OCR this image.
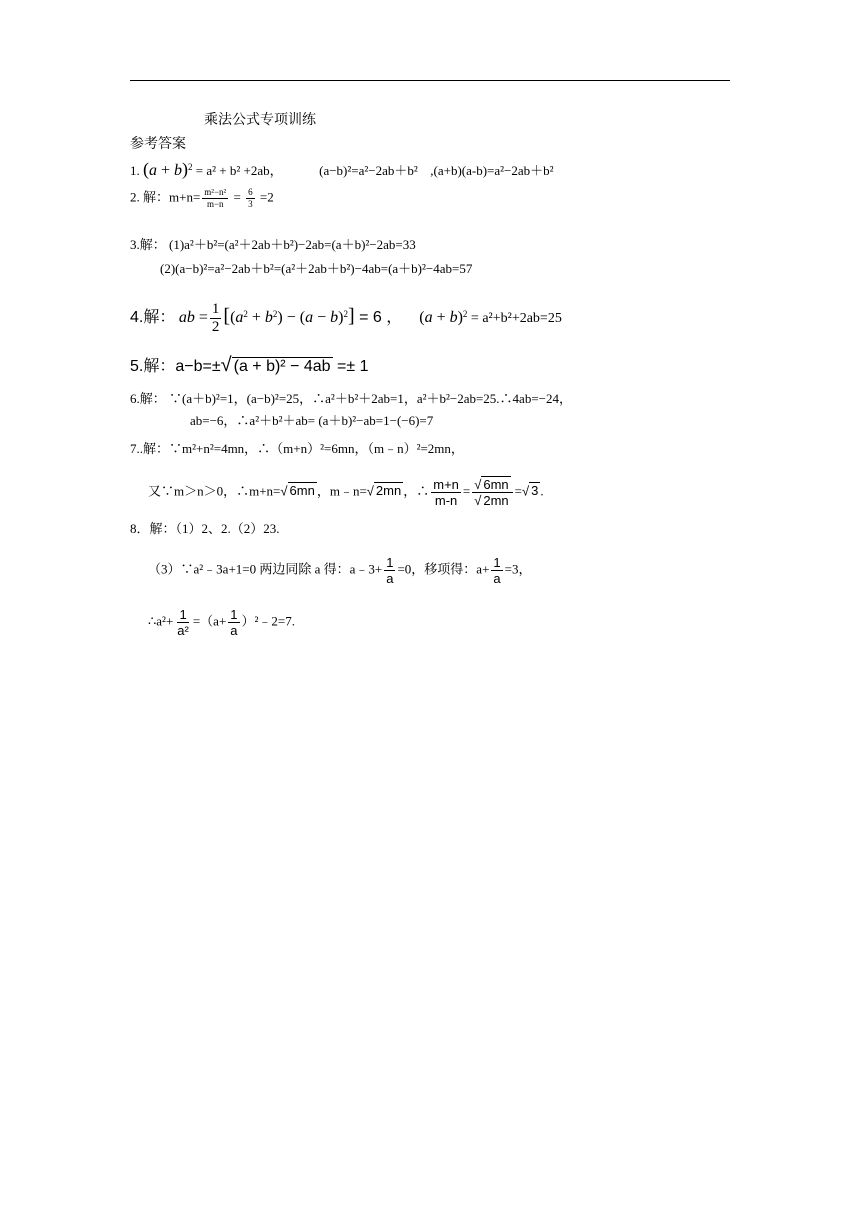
乘法公式专项训练
参考答案
1. $(a + b)^2 = a^2 + b^2 +2ab$，	(a−b)²=a²−2ab＋b² ,(a+b)(a-b)=a²−2ab＋b²
2. 解：$m+n= \frac{\text{m²−n²}}{m-n} = \frac{6}{3} =2$
3.解： (1)a²＋b²=(a²＋2ab＋b²)−2ab=(a＋b)²−2ab=33
(2)(a−b)²=a²−2ab＋b²=(a²＋2ab＋b²)−4ab=(a＋b)²−4ab=57
4.解： ab = $\frac{1}{2} [(a^2 + b^2) - (a - b)^2] = 6$ ， $(a + b)^2 = a^2+b^2+2ab=25$
5.解：a−b=±√ (a + b)² − 4ab =± 1
6.解： ∵(a＋b)²=1，(a−b)²=25，∴a²＋b²＋2ab=1，a²＋b²−2ab=25.∴4ab=−24，
ab=−6，∴a²＋b²＋ab= (a＋b)²−ab=1−(−6)=7
7..解：∵m²+n²=4mn，∴（m+n）²=6mn，（m﹣n）²=2mn，
又∵m＞n＞0，∴m+n=√ 6mn ，m﹣n=√ 2mn ，∴ $\frac{m+n}{m-n} = \frac{√ 6mn}{√ 2mn}$ =√ 3 .
8．解：（1）2、2.（2）23.
（3）∵a²﹣3a+1=0 两边同除 a 得：a﹣3+ $\frac{1}{a} =0$，移项得：$a+ \frac{1}{a} =3$，
∴a²+ $\frac{1}{\text{a²}} =(a+ \frac{1}{a}$ ）²﹣2=7.
